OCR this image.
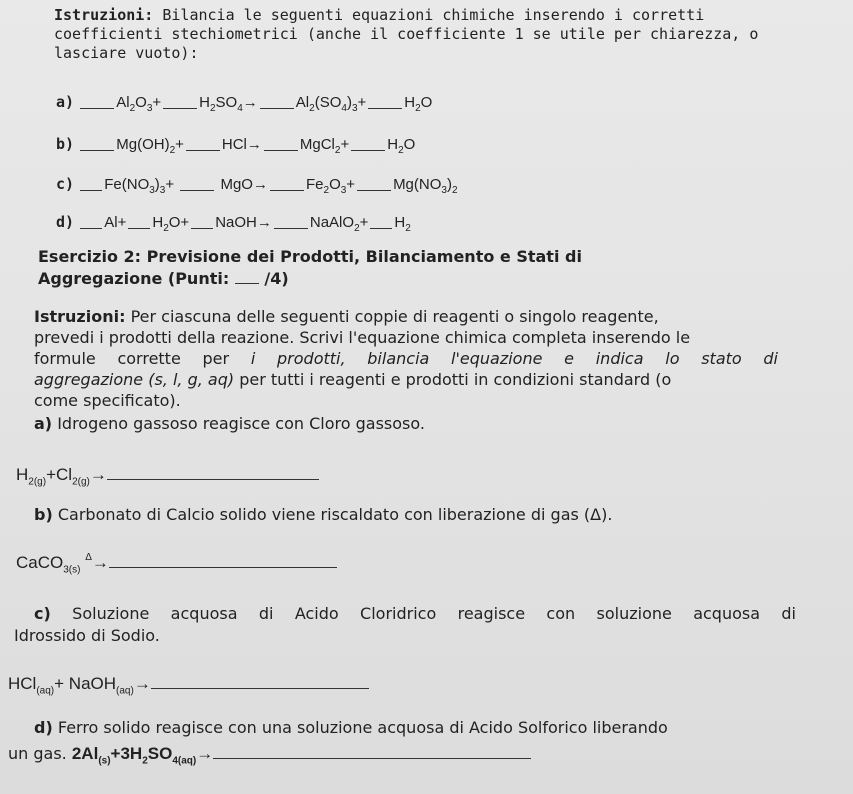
Istruzioni: Bilancia le seguenti equazioni chimiche inserendo i corretti coefficienti stechiometrici (anche il coefficiente 1 se utile per chiarezza, o lasciare vuoto):
a)	$Al_2O_3+$	$H_2SO_4\to$	$Al_2(SO_4)_3+$	$H_2O$
b)	$Mg(OH)_2+$	HCl→	MgCl$_2$+	$H_2O$
c) $Fe(NO_3)_3+$	MgO→	$Fe_2O_3+$	$Mg(NO_3)_2$
d) $Al+ H_2O+$ NaOH→	NaAlO$_2$+ $H_2$
Esercizio 2: Previsione dei Prodotti, Bilanciamento e Stati di
Aggregazione (Punti: /4)
Istruzioni: Per ciascuna delle seguenti coppie di reagenti o singolo reagente,
prevedi i prodotti della reazione. Scrivi l'equazione chimica completa inserendo le
formule corrette per i prodotti, bilancia l'equazione e indica lo stato di
aggregazione (s, l, g, aq) per tutti i reagenti e prodotti in condizioni standard (o
come specificato).
a) Idrogeno gassoso reagisce con Cloro gassoso.
$H_{2(g)}+Cl_{2(g)}\to$
b) Carbonato di Calcio solido viene riscaldato con liberazione di gas (Δ).
CaCO$_{3(s)}$ $^\Delta$→
c) Soluzione acquosa di Acido Cloridrico reagisce con soluzione acquosa di
Idrossido di Sodio.
HCl$_{(aq)}$+ NaOH$_{(aq)}$→
d) Ferro solido reagisce con una soluzione acquosa di Acido Solforico liberando
un gas. $2Al_{(s)}+3H_2SO_{4(aq)}\to$
